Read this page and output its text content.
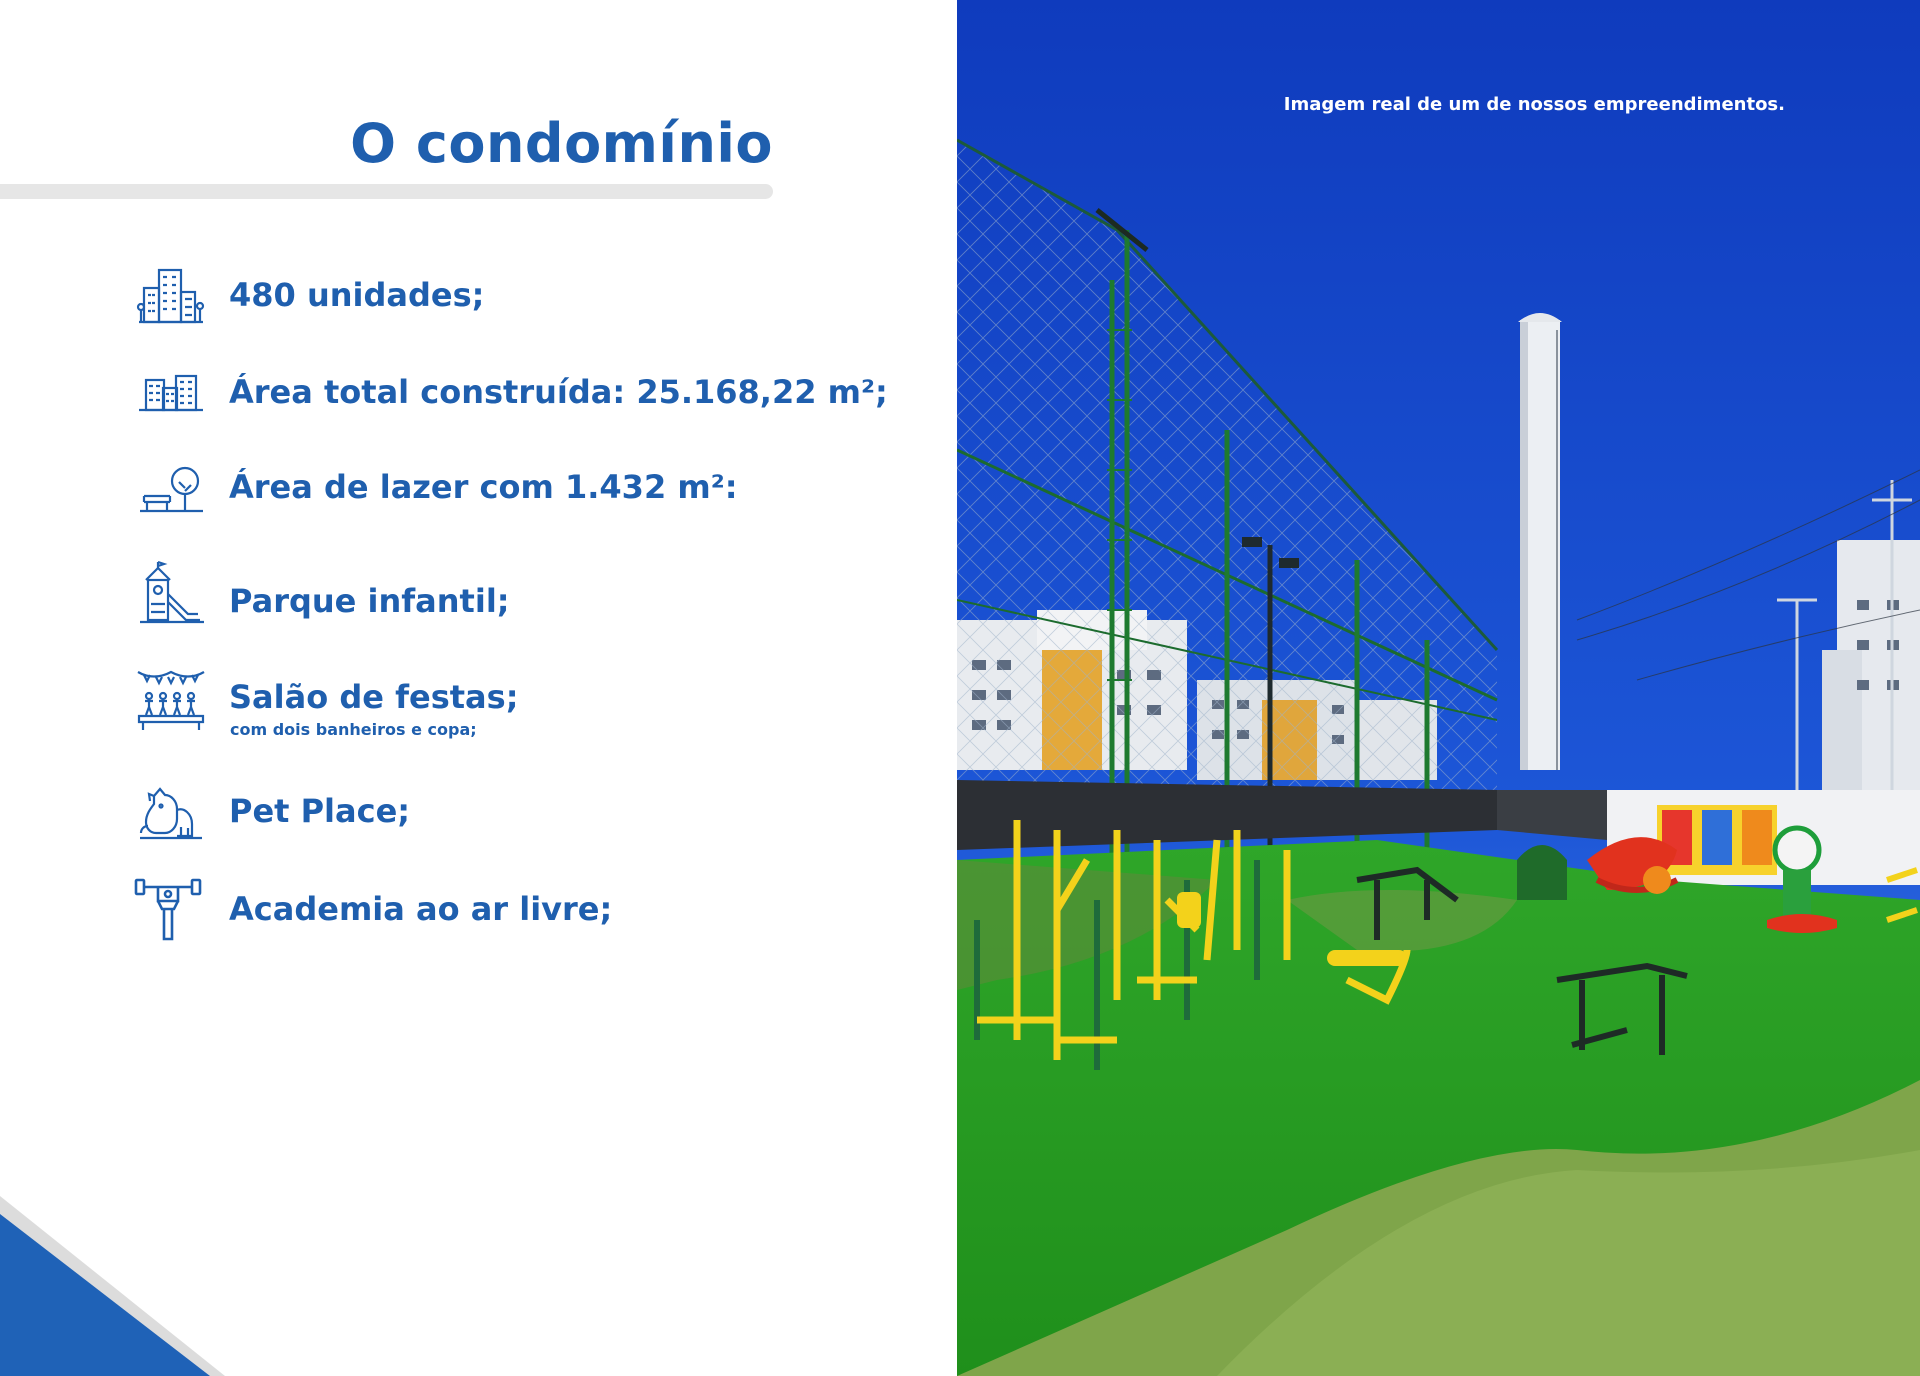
O condomínio
480 unidades;
Área total construída: 25.168,22 m²;
Área de lazer com 1.432 m²:
Parque infantil;
Salão de festas;
com dois banheiros e copa;
Pet Place;
Academia ao ar livre;
Imagem real de um de nossos empreendimentos.
